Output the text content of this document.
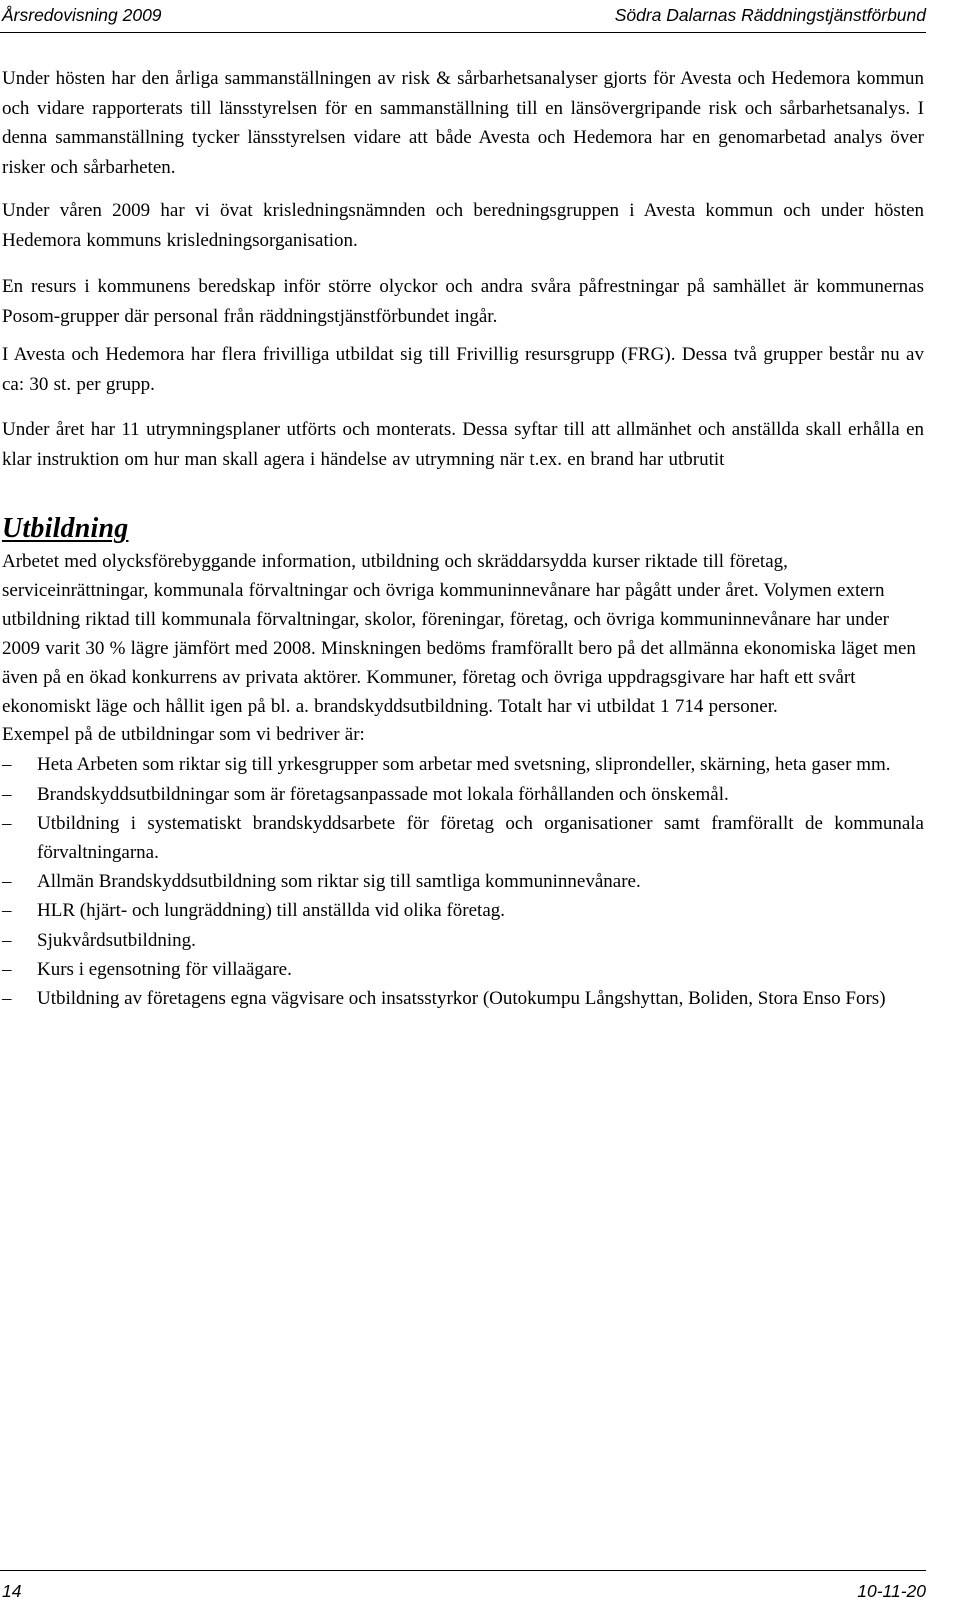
Årsredovisning 2009	Södra Dalarnas Räddningstjänstförbund

Under hösten har den årliga sammanställningen av risk & sårbarhetsanalyser gjorts för Avesta och Hedemora kommun och vidare rapporterats till länsstyrelsen för en sammanställning till en länsövergripande risk och sårbarhetsanalys. I denna sammanställning tycker länsstyrelsen vidare att både Avesta och Hedemora har en genomarbetad analys över risker och sårbarheten.

Under våren 2009 har vi övat krisledningsnämnden och beredningsgruppen i Avesta kommun och under hösten Hedemora kommuns krisledningsorganisation.

En resurs i kommunens beredskap inför större olyckor och andra svåra påfrestningar på samhället är kommunernas Posom-grupper där personal från räddningstjänstförbundet ingår.

I Avesta och Hedemora har flera frivilliga utbildat sig till Frivillig resursgrupp (FRG). Dessa två grupper består nu av ca: 30 st. per grupp.

Under året har 11 utrymningsplaner utförts och monterats. Dessa syftar till att allmänhet och anställda skall erhålla en klar instruktion om hur man skall agera i händelse av utrymning när t.ex. en brand har utbrutit

Utbildning

Arbetet med olycksförebyggande information, utbildning och skräddarsydda kurser riktade till företag, serviceinrättningar, kommunala förvaltningar och övriga kommuninnevånare har pågått under året. Volymen extern utbildning riktad till kommunala förvaltningar, skolor, föreningar, företag, och övriga kommuninnevånare har under 2009 varit 30 % lägre jämfört med 2008. Minskningen bedöms framförallt bero på det allmänna ekonomiska läget men även på en ökad konkurrens av privata aktörer. Kommuner, företag och övriga uppdragsgivare har haft ett svårt ekonomiskt läge och hållit igen på bl. a. brandskyddsutbildning. Totalt har vi utbildat 1 714 personer.

Exempel på de utbildningar som vi bedriver är:

–	Heta Arbeten som riktar sig till yrkesgrupper som arbetar med svetsning, sliprondeller, skärning, heta gaser mm.
–	Brandskyddsutbildningar som är företagsanpassade mot lokala förhållanden och önskemål.
–	Utbildning i systematiskt brandskyddsarbete för företag och organisationer samt framförallt de kommunala förvaltningarna.
–	Allmän Brandskyddsutbildning som riktar sig till samtliga kommuninnevånare.
–	HLR (hjärt- och lungräddning) till anställda vid olika företag.
–	Sjukvårdsutbildning.
–	Kurs i egensotning för villaägare.
–	Utbildning av företagens egna vägvisare och insatsstyrkor (Outokumpu Långshyttan, Boliden, Stora Enso Fors)
14	10-11-20
